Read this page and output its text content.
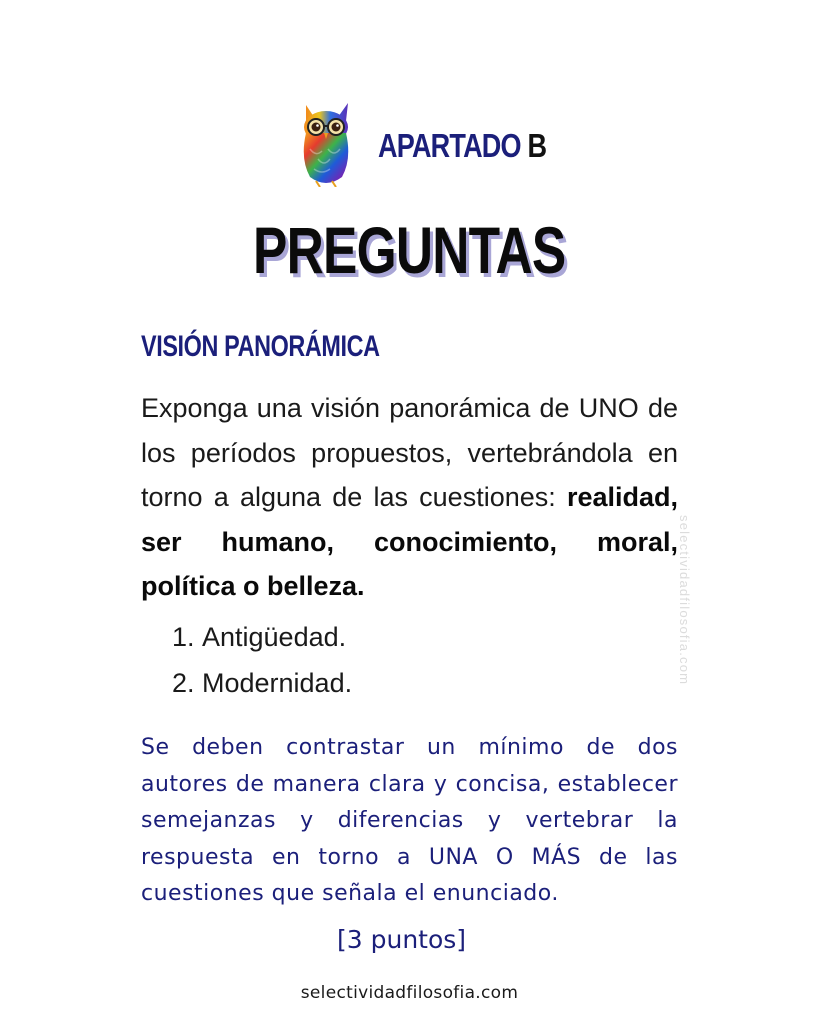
APARTADO B
PREGUNTAS
VISIÓN PANORÁMICA
Exponga una visión panorámica de UNO de los períodos propuestos, vertebrándola en torno a alguna de las cuestiones: realidad, ser humano, conocimiento, moral, política o belleza.
1. Antigüedad.
2. Modernidad.
Se deben contrastar un mínimo de dos autores de manera clara y concisa, establecer semejanzas y diferencias y vertebrar la respuesta en torno a UNA O MÁS de las cuestiones que señala el enunciado.
[3 puntos]
selectividadfilosofia.com
selectividadfilosofia.com
